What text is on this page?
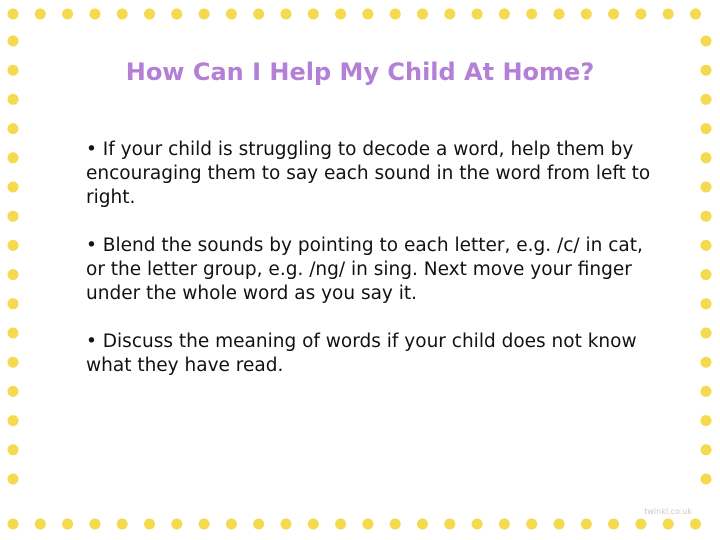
How Can I Help My Child At Home?

• If your child is struggling to decode a word, help them by encouraging them to say each sound in the word from left to right.

• Blend the sounds by pointing to each letter, e.g. /c/ in cat, or the letter group, e.g. /ng/ in sing. Next move your finger under the whole word as you say it.

• Discuss the meaning of words if your child does not know what they have read.

twinkl.co.uk
